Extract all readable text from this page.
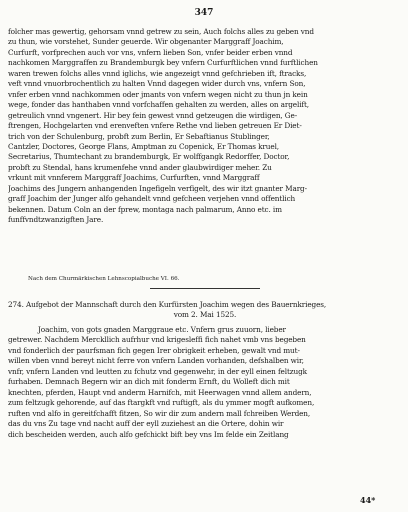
347
folcher mas gewertig, gehorsam vnnd getrew zu sein, Auch folchs alles zu geben vnd
zu thun, wie vorstehet, Sunder geuerde. Wir obgenanter Marggraff Joachim,
Curfurft, vorfprechen auch vor vns, vnfern lieben Son, vnfer beider erben vnnd
nachkomen Marggraffen zu Brandemburgk bey vnfern Curfurftlichen vnnd furftlichen
waren trewen folchs alles vnnd iglichs, wie angezeigt vnnd gefchrieben ift, ftracks,
veft vnnd vnuorbrochentlich zu halten Vnnd dagegen wider durch vns, vnfern Son,
vnfer erben vnnd nachkommen oder jmants von vnfern wegen nicht zu thun jn kein
wege, fonder das hanthaben vnnd vorfchaffen gehalten zu werden, alles on argelift,
getreulich vnnd vngenert. Hir bey fein gewest vnnd getzeugen die wirdigen, Ge-
ftrengen, Hochgelarten vnd erenveften vnfere Rethe vnd lieben getreuen Er Diet-
trich von der Schulenburg, probft zum Berlin, Er Sebaftianus Stublinger,
Cantzler, Doctores, George Flans, Amptman zu Copenick, Er Thomas kruel,
Secretarius, Thumtechant zu brandemburgk, Er wolffgangk Redorffer, Doctor,
probft zu Stendal, hans krumenfehe vnnd ander glaubwirdiger meher. Zu
vrkunt mit vnnferem Marggraff Joachims, Curfurften, vnnd Marggraff
Joachims des Jungern anhangenden Ingefigeln verfigelt, des wir itzt gnanter Marg-
graff Joachim der Junger alfo gehandelt vnnd gefcheen verjehen vnnd offentlich
bekennen. Datum Coln an der fprew, montaga nach palmarum, Anno etc. im
funffvndtzwanzigften Jare.
Nach dem Churmärkischen Lehnscopialbuche VI. 66.
274. Aufgebot der Mannschaft durch den Kurfürsten Joachim wegen des Bauernkrieges,
vom 2. Mai 1525.
Joachim, von gots gnaden Marggraue etc. Vnfern grus zuuorn, lieber
getrewer. Nachdem Merckllich aufrhur vnd krigesleffi fich nahet vmb vns begeben
vnd fonderlich der paurfsman fich gegen Irer obrigkeit erheben, gewalt vnd mut-
willen vben vnnd bereyt nicht ferre von vnfern Landen vorhanden, defshalben wir,
vnfr, vnfern Landen vnd leutten zu fchutz vnd gegenwehr, in der eyll einen feltzugk
furhaben. Demnach Begern wir an dich mit fonderm Ernft, du Wolleft dich mit
knechten, pferden, Haupt vnd anderm Harnifch, mit Heerwagen vnnd allem andern,
zum feltzugk gehorende, auf das ftargkft vnd ruftigft, als du ymmer mogft aufkomen,
ruften vnd alfo in gereitfchafft fitzen, So wir dir zum andern mall fchreiben Werden,
das du vns Zu tage vnd nacht auff der eyll zuziehest an die Ortere, dohin wir
dich bescheiden werden, auch alfo gefchickt bift bey vns Im felde ein Zeitlang
44*
